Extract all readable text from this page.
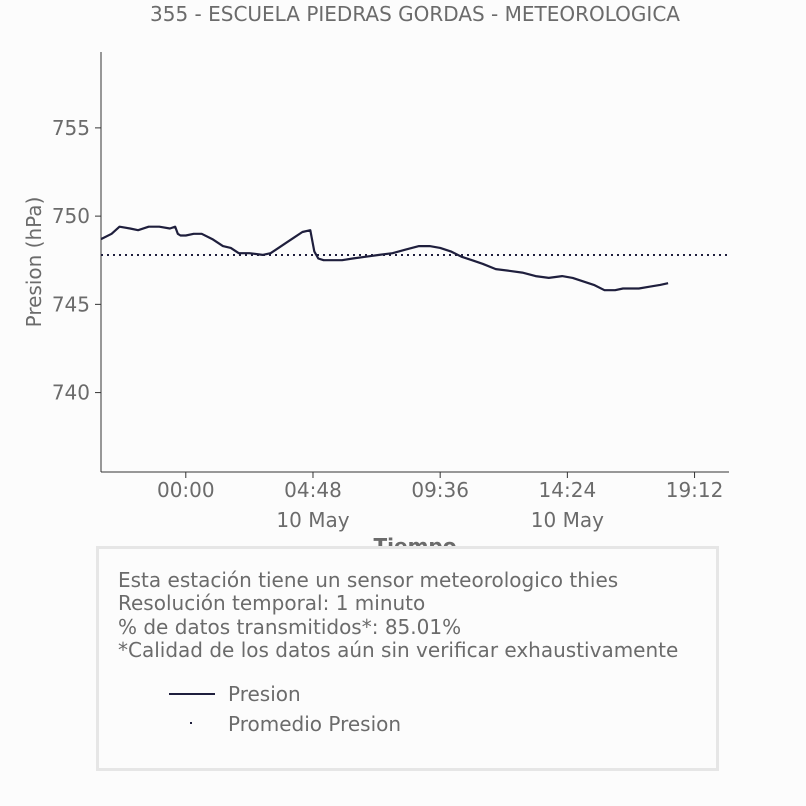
355 - ESCUELA PIEDRAS GORDAS - METEOROLOGICA
740
745
750
755
00:00	04:48
10 May
09:36	14:24
10 May
19:12
Presion (hPa)
Esta estación tiene un sensor meteorologico thies
Resolución temporal: 1 minuto
% de datos transmitidos*: 85.01%
*Calidad de los datos aún sin verificar exhaustivamente
Presion
Promedio Presion
